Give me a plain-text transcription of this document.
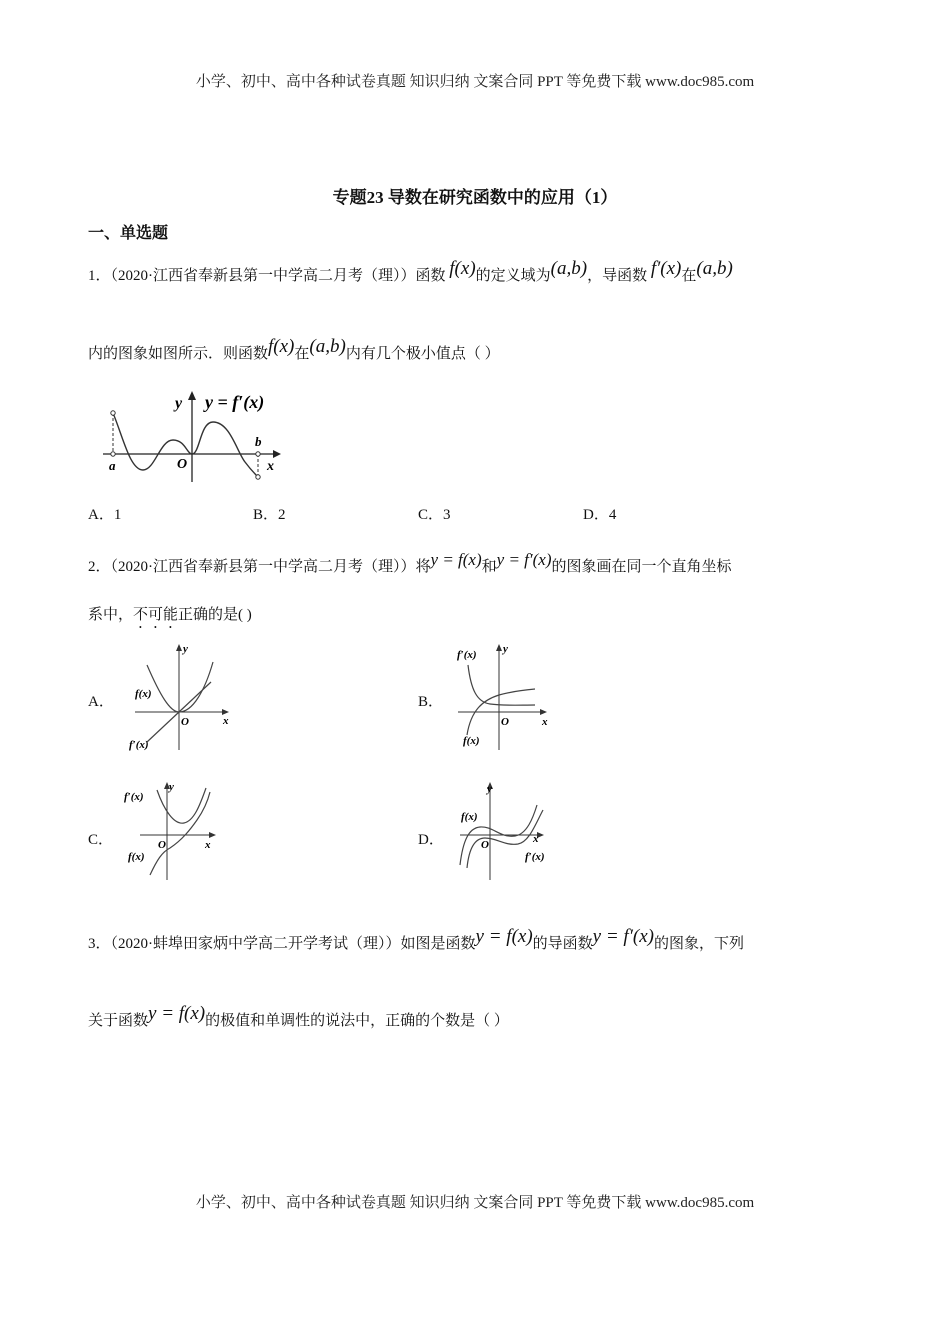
小学、初中、高中各种试卷真题 知识归纳 文案合同 PPT 等免费下载 www.doc985.com
专题23 导数在研究函数中的应用（1）
一、单选题
1．（2020·江西省奉新县第一中学高二月考（理））函数 f(x)的定义域为(a,b)，导函数 f′(x)在(a,b)
内的图象如图所示．则函数f(x)在(a,b)内有几个极小值点（ ）
y y = f′(x)
O
a
b
x
A．1	B．2	C．3	D．4
2．（2020·江西省奉新县第一中学高二月考（理））将y = f(x)和y = f′(x)的图象画在同一个直角坐标
系中，不可能正确的是( )
A．
y
x
O
f(x)
f′(x)
B．
y
x
O
f′(x)
f(x)
C．
y
x
O
f′(x)
f(x)
D．
y
x
O
f(x)
f′(x)
3．（2020·蚌埠田家炳中学高二开学考试（理））如图是函数y = f(x)的导函数y = f′(x)的图象，下列
关于函数y = f(x)的极值和单调性的说法中，正确的个数是（ ）
小学、初中、高中各种试卷真题 知识归纳 文案合同 PPT 等免费下载 www.doc985.com
